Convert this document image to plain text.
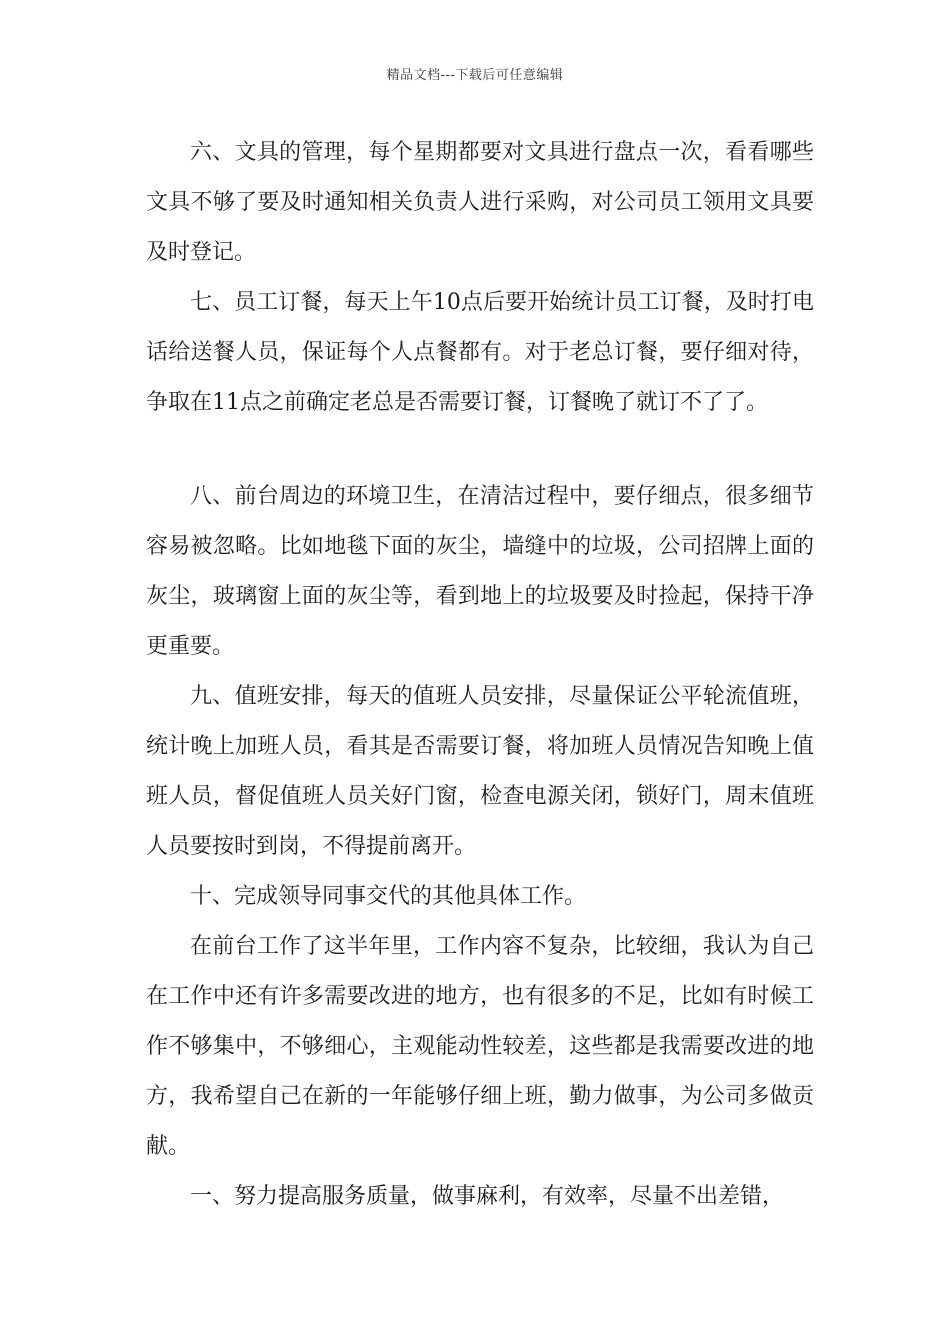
精品文档---下载后可任意编辑

六、文具的管理，每个星期都要对文具进行盘点一次，看看哪些文具不够了要及时通知相关负责人进行采购，对公司员工领用文具要及时登记。

七、员工订餐，每天上午10点后要开始统计员工订餐，及时打电话给送餐人员，保证每个人点餐都有。对于老总订餐，要仔细对待，争取在11点之前确定老总是否需要订餐，订餐晚了就订不了了。

八、前台周边的环境卫生，在清洁过程中，要仔细点，很多细节容易被忽略。比如地毯下面的灰尘，墙缝中的垃圾，公司招牌上面的灰尘，玻璃窗上面的灰尘等，看到地上的垃圾要及时捡起，保持干净更重要。

九、值班安排，每天的值班人员安排，尽量保证公平轮流值班，统计晚上加班人员，看其是否需要订餐，将加班人员情况告知晚上值班人员，督促值班人员关好门窗，检查电源关闭，锁好门，周末值班人员要按时到岗，不得提前离开。

十、完成领导同事交代的其他具体工作。

在前台工作了这半年里，工作内容不复杂，比较细，我认为自己在工作中还有许多需要改进的地方，也有很多的不足，比如有时候工作不够集中，不够细心，主观能动性较差，这些都是我需要改进的地方，我希望自己在新的一年能够仔细上班，勤力做事，为公司多做贡献。

一、努力提高服务质量，做事麻利，有效率，尽量不出差错，
